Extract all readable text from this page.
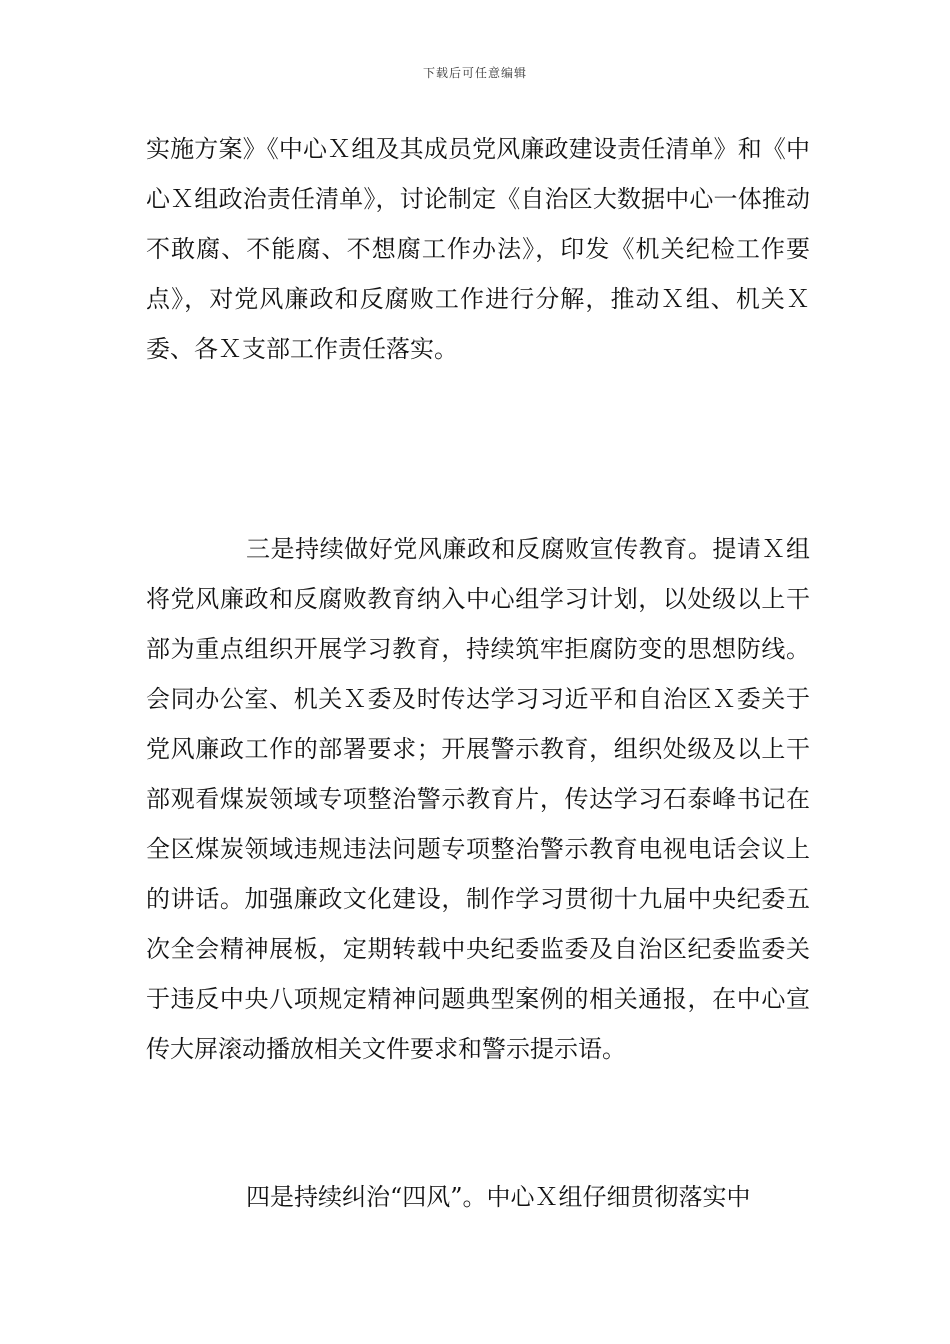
下载后可任意编辑

实施方案》《中心Ｘ组及其成员党风廉政建设责任清单》和《中心Ｘ组政治责任清单》，讨论制定《自治区大数据中心一体推动不敢腐、不能腐、不想腐工作办法》，印发《机关纪检工作要点》，对党风廉政和反腐败工作进行分解，推动Ｘ组、机关Ｘ委、各Ｘ支部工作责任落实。

三是持续做好党风廉政和反腐败宣传教育。提请Ｘ组将党风廉政和反腐败教育纳入中心组学习计划，以处级以上干部为重点组织开展学习教育，持续筑牢拒腐防变的思想防线。会同办公室、机关Ｘ委及时传达学习习近平和自治区Ｘ委关于党风廉政工作的部署要求；开展警示教育，组织处级及以上干部观看煤炭领域专项整治警示教育片，传达学习石泰峰书记在全区煤炭领域违规违法问题专项整治警示教育电视电话会议上的讲话。加强廉政文化建设，制作学习贯彻十九届中央纪委五次全会精神展板，定期转载中央纪委监委及自治区纪委监委关于违反中央八项规定精神问题典型案例的相关通报，在中心宣传大屏滚动播放相关文件要求和警示提示语。

四是持续纠治“四风”。中心Ｘ组仔细贯彻落实中
